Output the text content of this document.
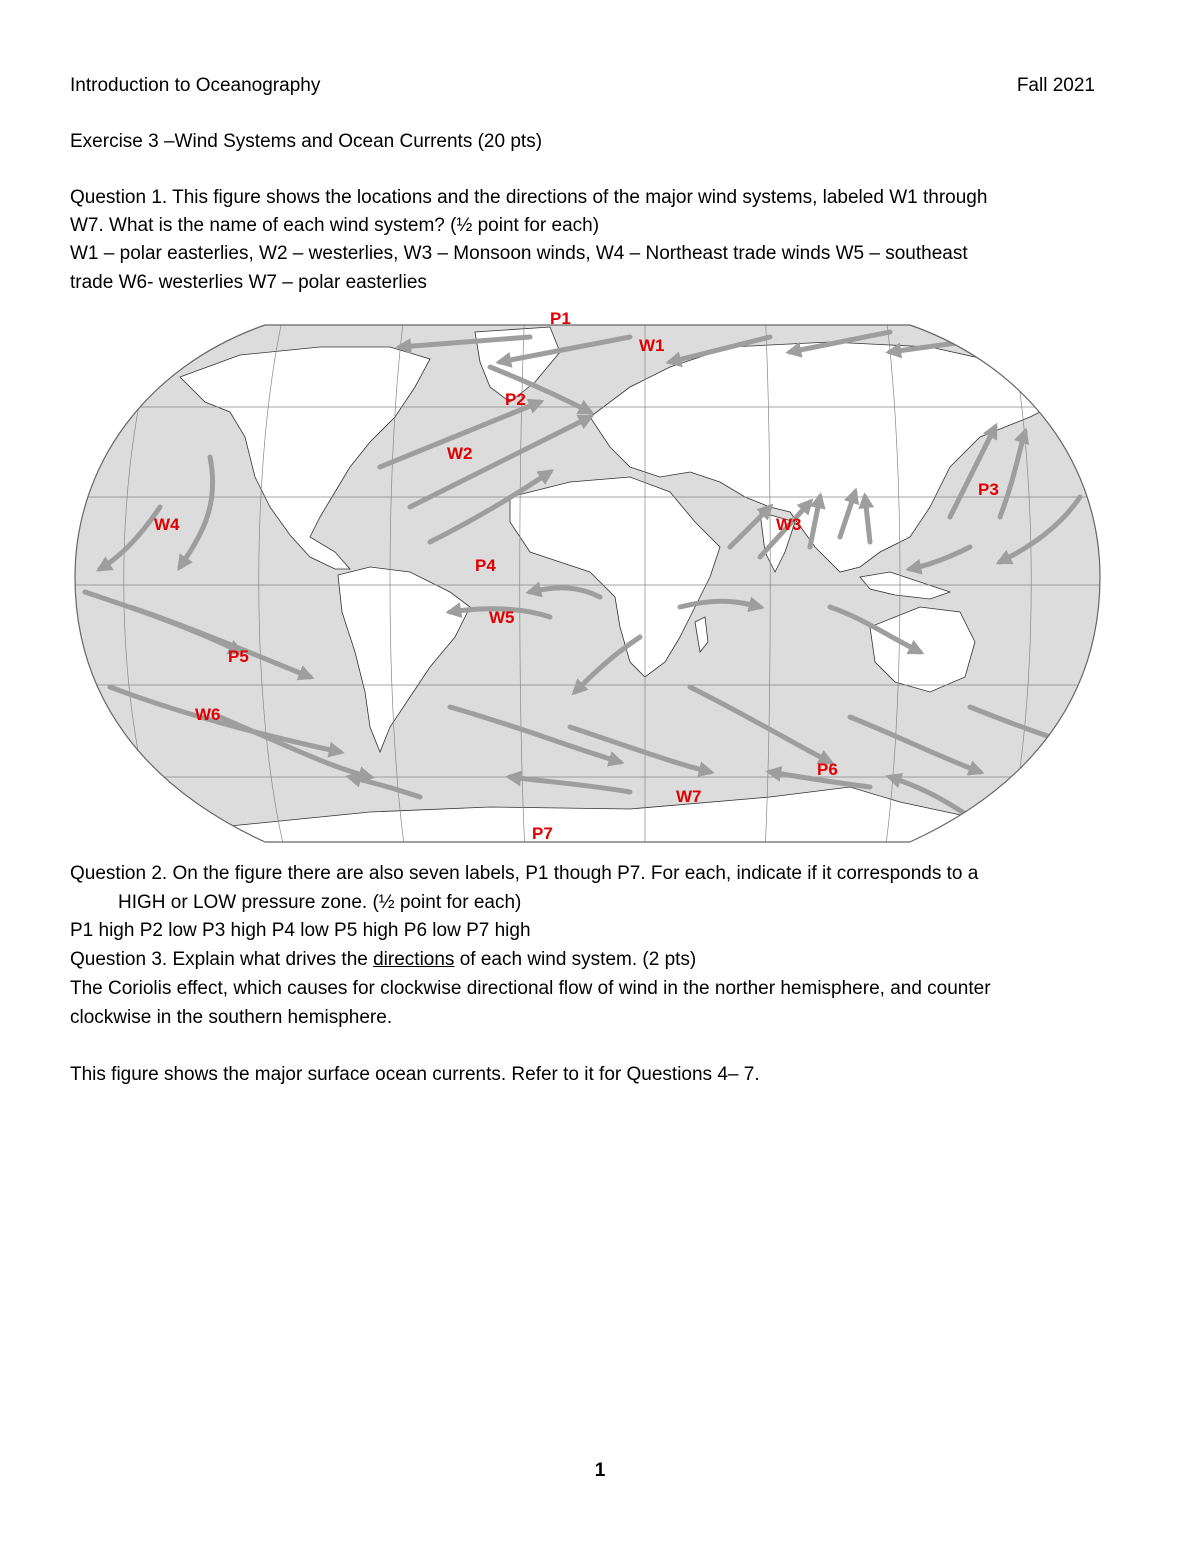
Introduction to Oceanography	Fall 2021
Exercise 3 –Wind Systems and Ocean Currents (20 pts)
Question 1. This figure shows the locations and the directions of the major wind systems, labeled W1 through
W7. What is the name of each wind system? (½ point for each)
W1 – polar easterlies, W2 – westerlies, W3 – Monsoon winds, W4 – Northeast trade winds W5 – southeast
trade W6- westerlies W7 – polar easterlies
P1
P2
P3
P4
P5
P6
P7
W1
W2
W3
W4
W5
W6
W7
Question 2. On the figure there are also seven labels, P1 though P7. For each, indicate if it corresponds to a
HIGH or LOW pressure zone. (½ point for each)
P1 high P2 low P3 high P4 low P5 high P6 low P7 high
Question 3. Explain what drives the directions of each wind system. (2 pts)
The Coriolis effect, which causes for clockwise directional flow of wind in the norther hemisphere, and counter
clockwise in the southern hemisphere.
This figure shows the major surface ocean currents. Refer to it for Questions 4– 7.
1
